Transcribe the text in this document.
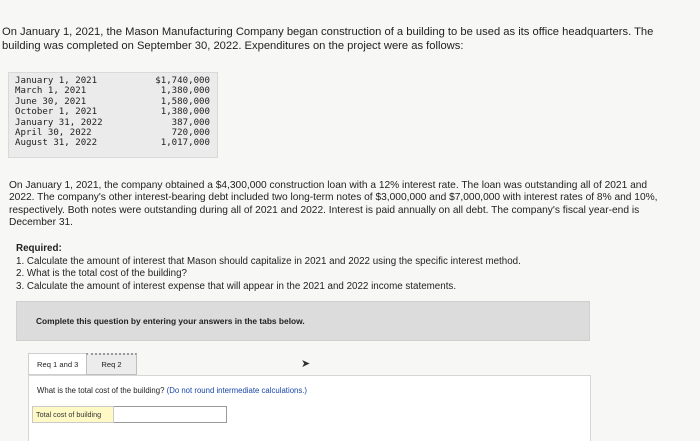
On January 1, 2021, the Mason Manufacturing Company began construction of a building to be used as its office headquarters. The building was completed on September 30, 2022. Expenditures on the project were as follows:
January 1, 2021	$1,740,000
March 1, 2021	1,380,000
June 30, 2021	1,580,000
October 1, 2021	1,380,000
January 31, 2022	387,000
April 30, 2022	720,000
August 31, 2022	1,017,000
On January 1, 2021, the company obtained a $4,300,000 construction loan with a 12% interest rate. The loan was outstanding all of 2021 and 2022. The company's other interest-bearing debt included two long-term notes of $3,000,000 and $7,000,000 with interest rates of 8% and 10%, respectively. Both notes were outstanding during all of 2021 and 2022. Interest is paid annually on all debt. The company's fiscal year-end is December 31.
Required:
1. Calculate the amount of interest that Mason should capitalize in 2021 and 2022 using the specific interest method.
2. What is the total cost of the building?
3. Calculate the amount of interest expense that will appear in the 2021 and 2022 income statements.
Complete this question by entering your answers in the tabs below.
Req 1 and 3	Req 2	➤
What is the total cost of the building? (Do not round intermediate calculations.)
Total cost of building
